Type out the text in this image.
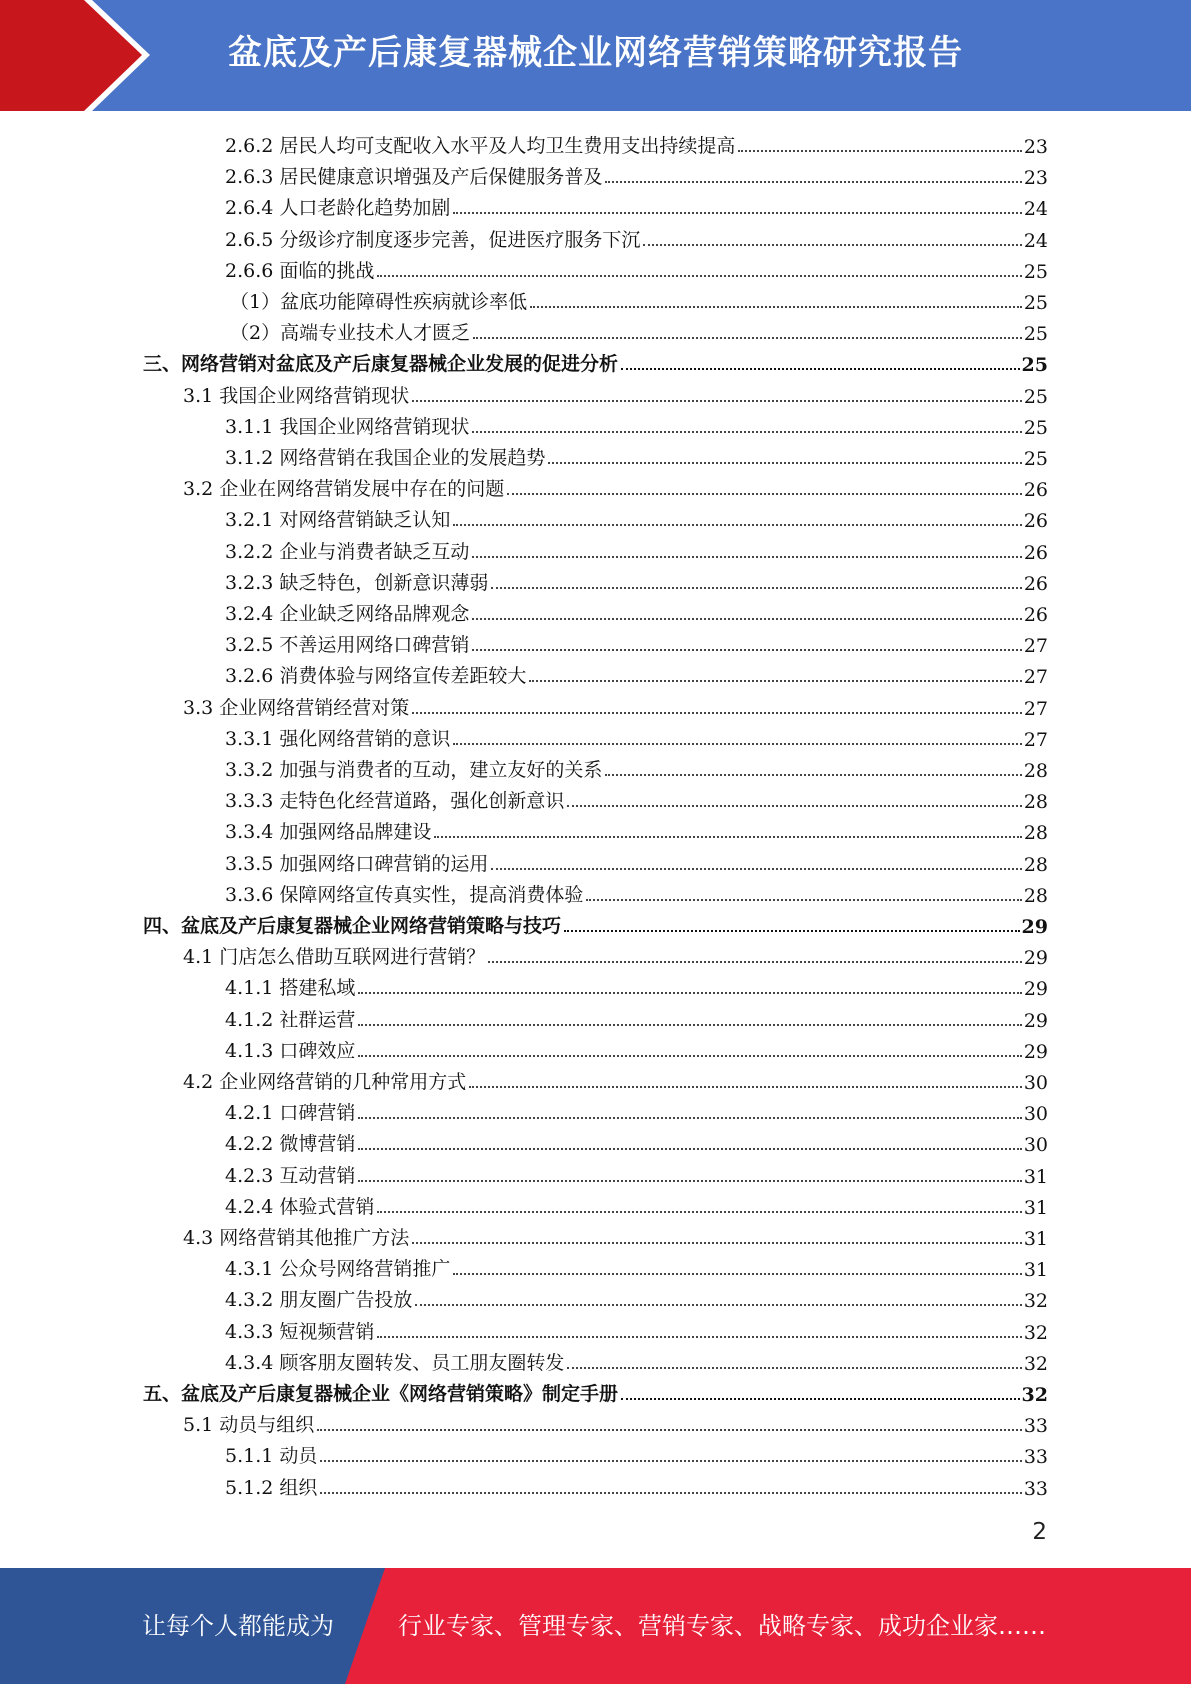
盆底及产后康复器械企业网络营销策略研究报告
2.6.2 居民人均可支配收入水平及人均卫生费用支出持续提高	23
2.6.3 居民健康意识增强及产后保健服务普及	23
2.6.4 人口老龄化趋势加剧	24
2.6.5 分级诊疗制度逐步完善，促进医疗服务下沉	24
2.6.6 面临的挑战	25
（1）盆底功能障碍性疾病就诊率低	25
（2）高端专业技术人才匮乏	25
三、网络营销对盆底及产后康复器械企业发展的促进分析	25
3.1 我国企业网络营销现状	25
3.1.1 我国企业网络营销现状	25
3.1.2 网络营销在我国企业的发展趋势	25
3.2 企业在网络营销发展中存在的问题	26
3.2.1 对网络营销缺乏认知	26
3.2.2 企业与消费者缺乏互动	26
3.2.3 缺乏特色，创新意识薄弱	26
3.2.4 企业缺乏网络品牌观念	26
3.2.5 不善运用网络口碑营销	27
3.2.6 消费体验与网络宣传差距较大	27
3.3 企业网络营销经营对策	27
3.3.1 强化网络营销的意识	27
3.3.2 加强与消费者的互动，建立友好的关系	28
3.3.3 走特色化经营道路，强化创新意识	28
3.3.4 加强网络品牌建设	28
3.3.5 加强网络口碑营销的运用	28
3.3.6 保障网络宣传真实性，提高消费体验	28
四、盆底及产后康复器械企业网络营销策略与技巧	29
4.1 门店怎么借助互联网进行营销？	29
4.1.1 搭建私域	29
4.1.2 社群运营	29
4.1.3 口碑效应	29
4.2 企业网络营销的几种常用方式	30
4.2.1 口碑营销	30
4.2.2 微博营销	30
4.2.3 互动营销	31
4.2.4 体验式营销	31
4.3 网络营销其他推广方法	31
4.3.1 公众号网络营销推广	31
4.3.2 朋友圈广告投放	32
4.3.3 短视频营销	32
4.3.4 顾客朋友圈转发、员工朋友圈转发	32
五、盆底及产后康复器械企业《网络营销策略》制定手册	32
5.1 动员与组织	33
5.1.1 动员	33
5.1.2 组织	33
2
让每个人都能成为	行业专家、管理专家、营销专家、战略专家、成功企业家……
